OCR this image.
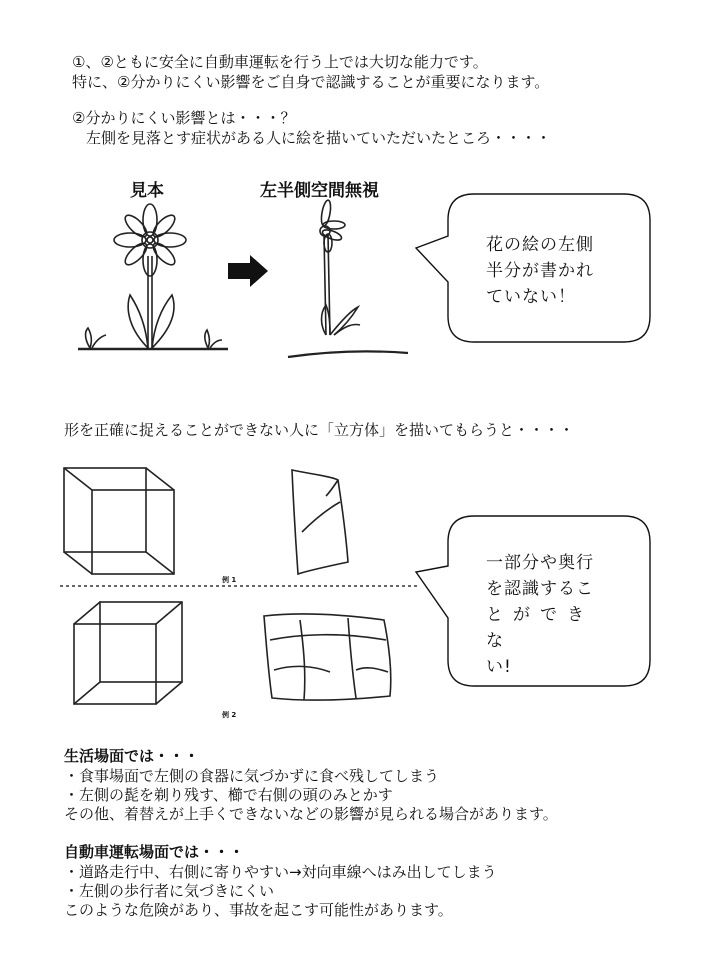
①、②ともに安全に自動車運転を行う上では大切な能力です。
特に、②分かりにくい影響をご自身で認識することが重要になります。
②分かりにくい影響とは・・・？
左側を見落とす症状がある人に絵を描いていただいたところ・・・・
見本	左半側空間無視
花の絵の左側
半分が書かれ
ていない！
形を正確に捉えることができない人に「立方体」を描いてもらうと・・・・
例 1
例 2
一部分や奥行
を認識するこ
とができな
い!
生活場面では・・・
・食事場面で左側の食器に気づかずに食べ残してしまう
・左側の髭を剃り残す、櫛で右側の頭のみとかす
その他、着替えが上手くできないなどの影響が見られる場合があります。
自動車運転場面では・・・
・道路走行中、右側に寄りやすい→対向車線へはみ出してしまう
・左側の歩行者に気づきにくい
このような危険があり、事故を起こす可能性があります。
